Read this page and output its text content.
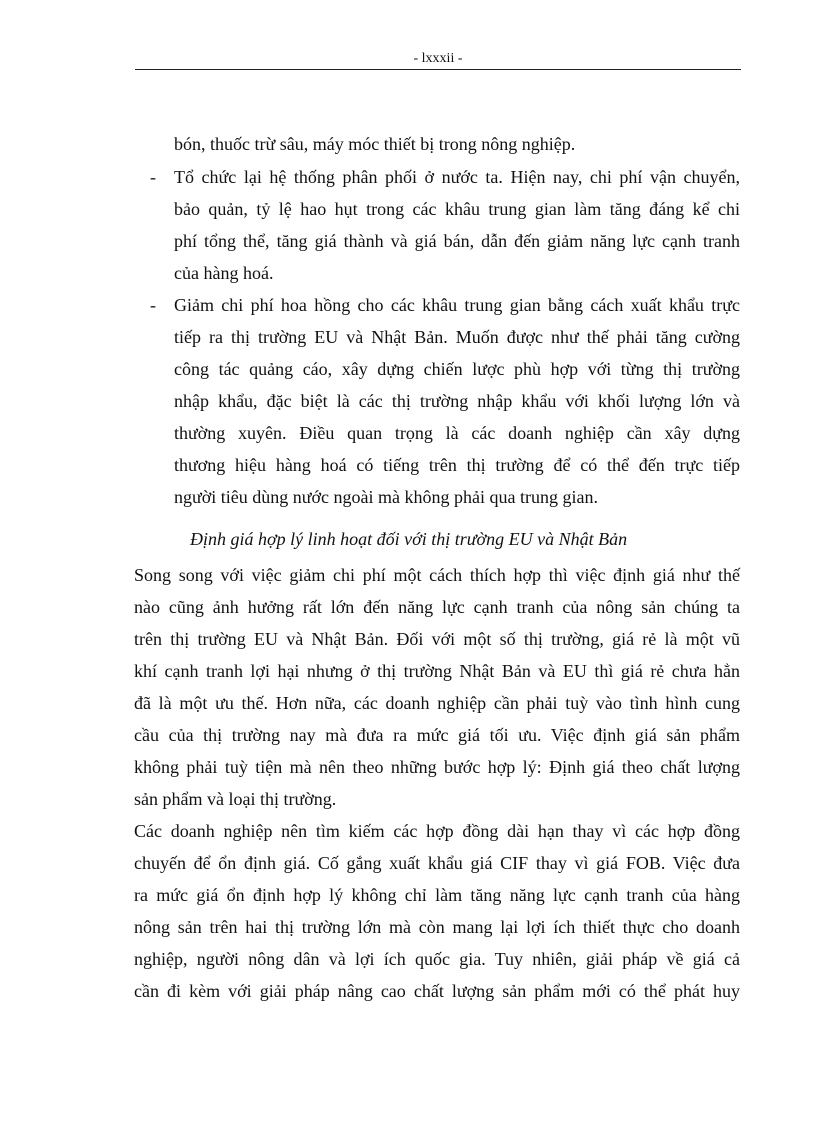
- lxxxii -
bón, thuốc trừ sâu, máy móc thiết bị trong nông nghiệp.
- Tổ chức lại hệ thống phân phối ở nước ta. Hiện nay, chi phí vận chuyển,
bảo quản, tỷ lệ hao hụt trong các khâu trung gian làm tăng đáng kể chi
phí tổng thể, tăng giá thành và giá bán, dẫn đến giảm năng lực cạnh tranh
của hàng hoá.
- Giảm chi phí hoa hồng cho các khâu trung gian bằng cách xuất khẩu trực
tiếp ra thị trường EU và Nhật Bản. Muốn được như thế phải tăng cường
công tác quảng cáo, xây dựng chiến lược phù hợp với từng thị trường
nhập khẩu, đặc biệt là các thị trường nhập khẩu với khối lượng lớn và
thường xuyên. Điều quan trọng là các doanh nghiệp cần xây dựng
thương hiệu hàng hoá có tiếng trên thị trường để có thể đến trực tiếp
người tiêu dùng nước ngoài mà không phải qua trung gian.
Định giá hợp lý linh hoạt đối với thị trường EU và Nhật Bản
Song song với việc giảm chi phí một cách thích hợp thì việc định giá như thế
nào cũng ảnh hưởng rất lớn đến năng lực cạnh tranh của nông sản chúng ta
trên thị trường EU và Nhật Bản. Đối với một số thị trường, giá rẻ là một vũ
khí cạnh tranh lợi hại nhưng ở thị trường Nhật Bản và EU thì giá rẻ chưa hẳn
đã là một ưu thế. Hơn nữa, các doanh nghiệp cần phải tuỳ vào tình hình cung
cầu của thị trường nay mà đưa ra mức giá tối ưu. Việc định giá sản phẩm
không phải tuỳ tiện mà nên theo những bước hợp lý: Định giá theo chất lượng
sản phẩm và loại thị trường.
Các doanh nghiệp nên tìm kiếm các hợp đồng dài hạn thay vì các hợp đồng
chuyến để ổn định giá. Cố gắng xuất khẩu giá CIF thay vì giá FOB. Việc đưa
ra mức giá ổn định hợp lý không chỉ làm tăng năng lực cạnh tranh của hàng
nông sản trên hai thị trường lớn mà còn mang lại lợi ích thiết thực cho doanh
nghiệp, người nông dân và lợi ích quốc gia. Tuy nhiên, giải pháp về giá cả
cần đi kèm với giải pháp nâng cao chất lượng sản phẩm mới có thể phát huy
